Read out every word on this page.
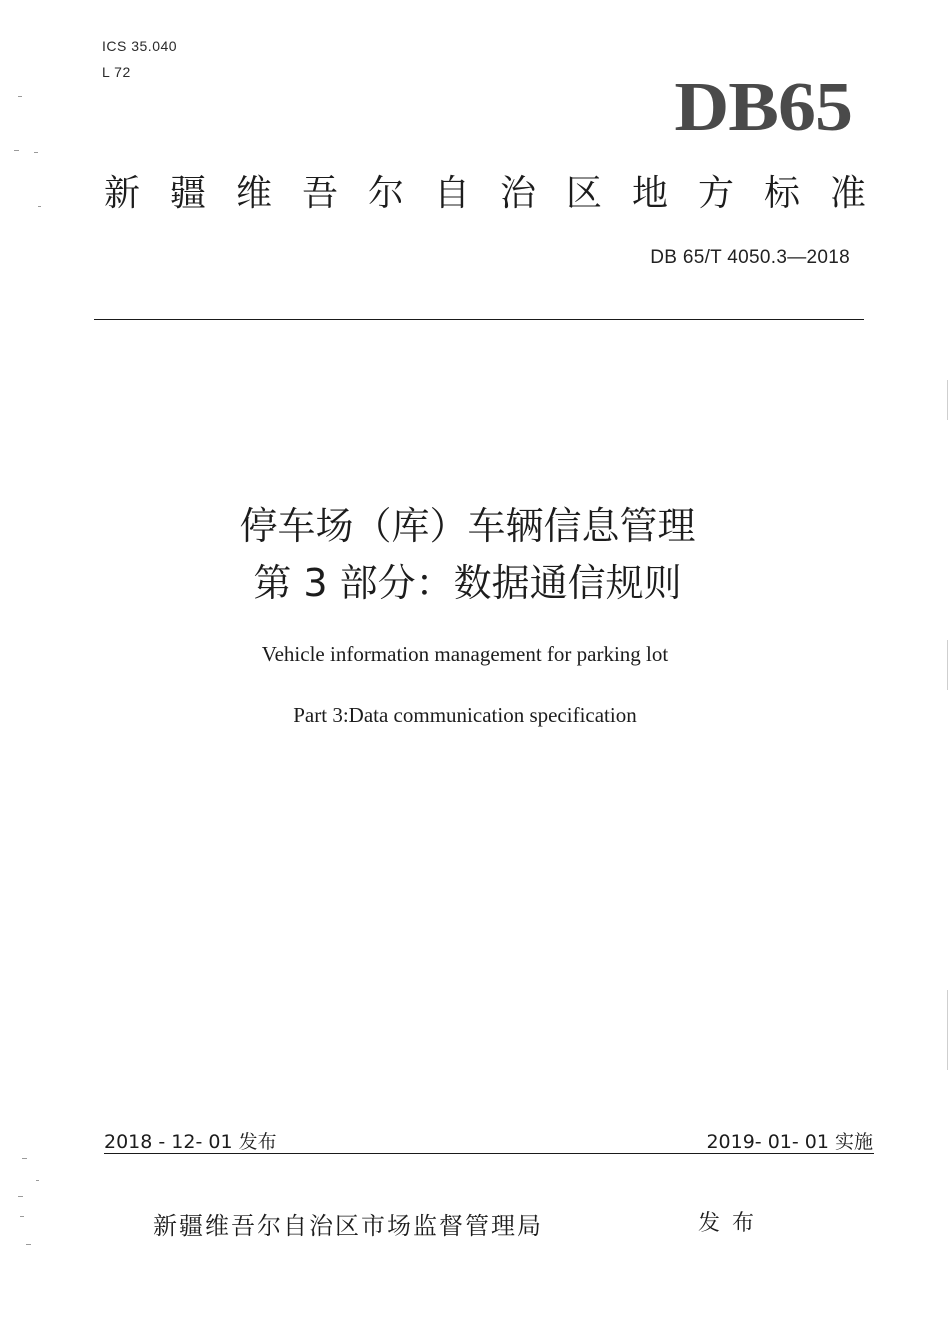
ICS 35.040
L 72	DB65
新疆维吾尔自治区地方标准
DB 65/T 4050.3—2018
停车场（库）车辆信息管理
第 3 部分：数据通信规则
Vehicle information management for parking lot
Part 3:Data communication specification
2018 - 12- 01 发布	2019- 01- 01 实施
新疆维吾尔自治区市场监督管理局	发布
